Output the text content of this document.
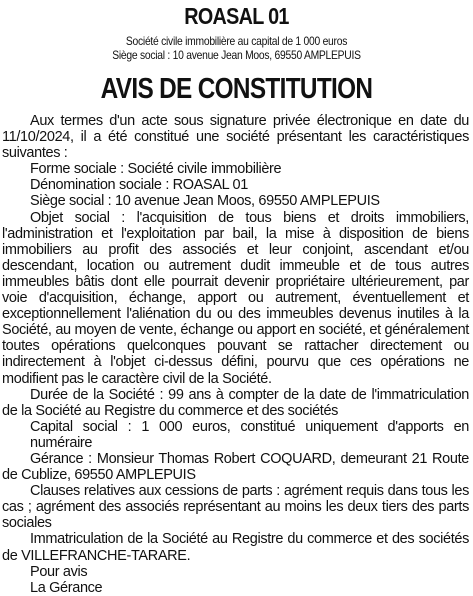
ROASAL 01
Société civile immobilière au capital de 1 000 euros
Siège social : 10 avenue Jean Moos, 69550 AMPLEPUIS
AVIS DE CONSTITUTION

Aux termes d'un acte sous signature privée électronique en date du 11/10/2024, il a été constitué une société présentant les caractéristiques suivantes :

Forme sociale : Société civile immobilière

Dénomination sociale : ROASAL 01

Siège social : 10 avenue Jean Moos, 69550 AMPLEPUIS

Objet social : l'acquisition de tous biens et droits immobiliers, l'administration et l'exploitation par bail, la mise à disposition de biens immobiliers au profit des associés et leur conjoint, ascendant et/ou descendant, location ou autrement dudit immeuble et de tous autres immeubles bâtis dont elle pourrait devenir propriétaire ultérieurement, par voie d'acquisition, échange, apport ou autrement, éventuellement et exceptionnellement l'aliénation du ou des immeubles devenus inutiles à la Société, au moyen de vente, échange ou apport en société, et généralement toutes opérations quelconques pouvant se rattacher directement ou indirectement à l'objet ci-dessus défini, pourvu que ces opérations ne modifient pas le caractère civil de la Société.

Durée de la Société : 99 ans à compter de la date de l'immatriculation de la Société au Registre du commerce et des sociétés

Capital social : 1 000 euros, constitué uniquement d'apports en numéraire

Gérance : Monsieur Thomas Robert COQUARD, demeurant 21 Route de Cublize, 69550 AMPLEPUIS

Clauses relatives aux cessions de parts : agrément requis dans tous les cas ; agrément des associés représentant au moins les deux tiers des parts sociales

Immatriculation de la Société au Registre du commerce et des sociétés de VILLEFRANCHE-TARARE.

Pour avis

La Gérance
